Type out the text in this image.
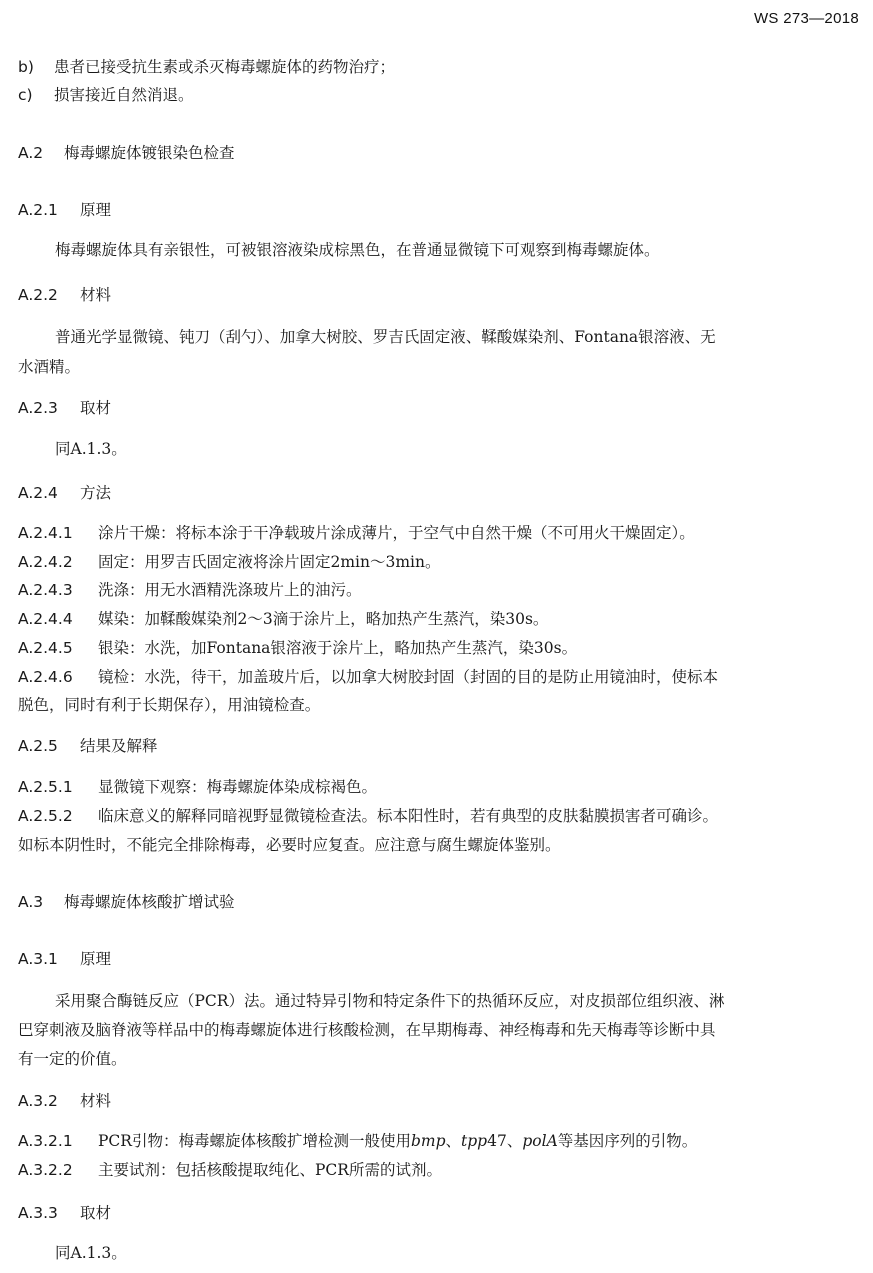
WS 273—2018
b) 患者已接受抗生素或杀灭梅毒螺旋体的药物治疗；
c) 损害接近自然消退。
A.2 梅毒螺旋体镀银染色检查
A.2.1 原理
梅毒螺旋体具有亲银性，可被银溶液染成棕黑色，在普通显微镜下可观察到梅毒螺旋体。
A.2.2 材料
普通光学显微镜、钝刀（刮勺）、加拿大树胶、罗吉氏固定液、鞣酸媒染剂、Fontana银溶液、无
水酒精。
A.2.3 取材
同A.1.3。
A.2.4 方法
A.2.4.1 涂片干燥：将标本涂于干净载玻片涂成薄片，于空气中自然干燥（不可用火干燥固定）。
A.2.4.2 固定：用罗吉氏固定液将涂片固定2min～3min。
A.2.4.3 洗涤：用无水酒精洗涤玻片上的油污。
A.2.4.4 媒染：加鞣酸媒染剂2～3滴于涂片上，略加热产生蒸汽，染30s。
A.2.4.5 银染：水洗，加Fontana银溶液于涂片上，略加热产生蒸汽，染30s。
A.2.4.6 镜检：水洗，待干，加盖玻片后，以加拿大树胶封固（封固的目的是防止用镜油时，使标本
脱色，同时有利于长期保存），用油镜检查。
A.2.5 结果及解释
A.2.5.1 显微镜下观察：梅毒螺旋体染成棕褐色。
A.2.5.2 临床意义的解释同暗视野显微镜检查法。标本阳性时，若有典型的皮肤黏膜损害者可确诊。
如标本阴性时，不能完全排除梅毒，必要时应复查。应注意与腐生螺旋体鉴别。
A.3 梅毒螺旋体核酸扩增试验
A.3.1 原理
采用聚合酶链反应（PCR）法。通过特异引物和特定条件下的热循环反应，对皮损部位组织液、淋
巴穿刺液及脑脊液等样品中的梅毒螺旋体进行核酸检测，在早期梅毒、神经梅毒和先天梅毒等诊断中具
有一定的价值。
A.3.2 材料
A.3.2.1 PCR引物：梅毒螺旋体核酸扩增检测一般使用bmp、tpp47、polA等基因序列的引物。
A.3.2.2 主要试剂：包括核酸提取纯化、PCR所需的试剂。
A.3.3 取材
同A.1.3。
